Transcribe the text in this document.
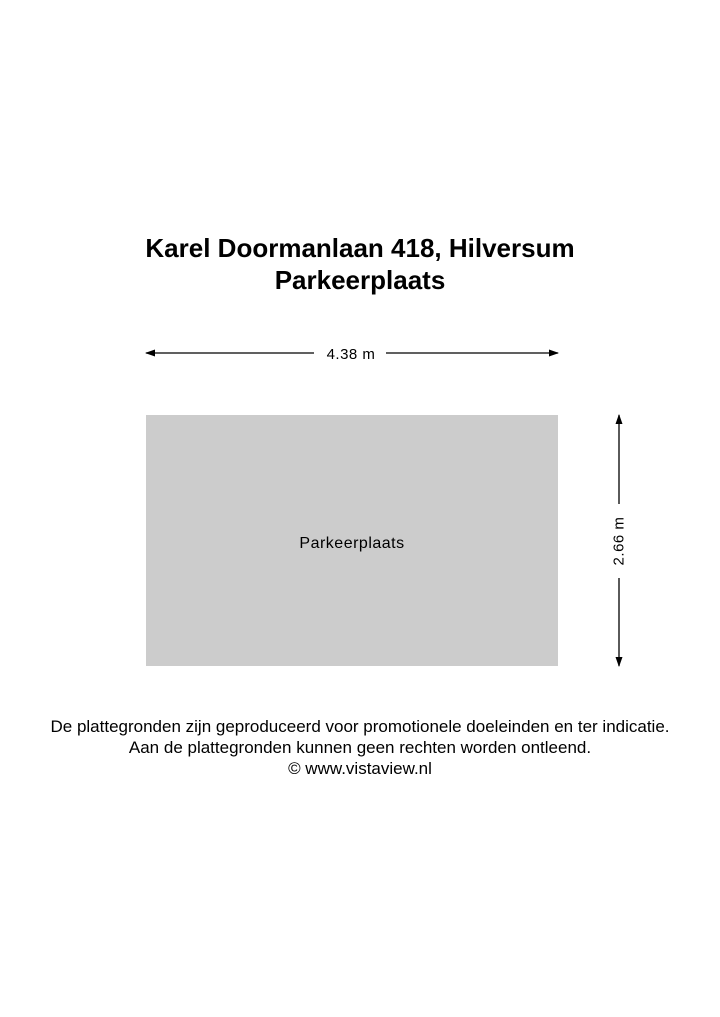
Karel Doormanlaan 418, Hilversum
Parkeerplaats
4.38 m
Parkeerplaats	2.66 m
De plattegronden zijn geproduceerd voor promotionele doeleinden en ter indicatie.
Aan de plattegronden kunnen geen rechten worden ontleend.
© www.vistaview.nl
